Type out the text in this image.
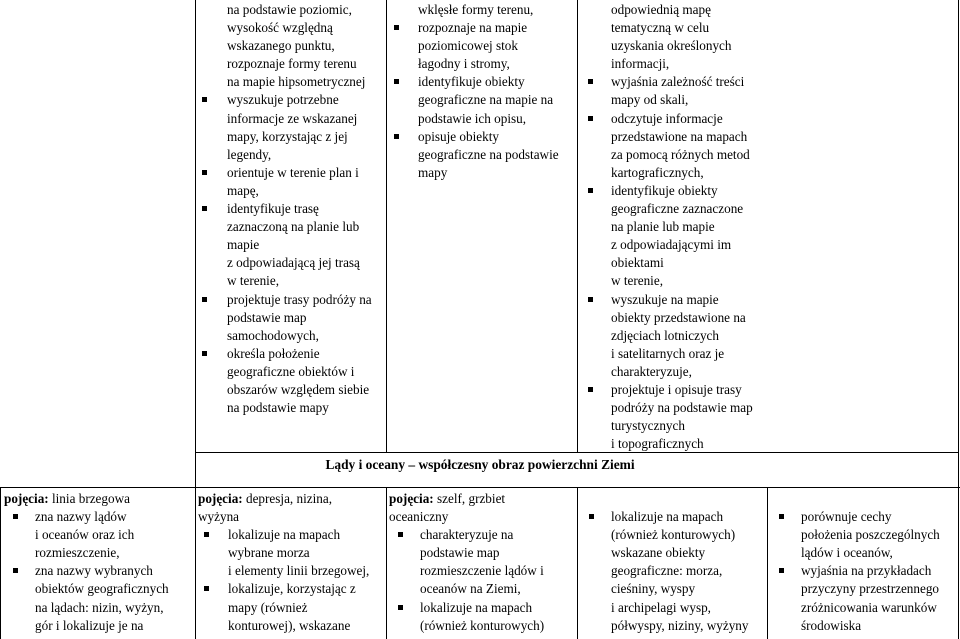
na podstawie poziomic,
wysokość względną
wskazanego punktu,
rozpoznaje formy terenu
na mapie hipsometrycznej
wyszukuje potrzebne
informacje ze wskazanej
mapy, korzystając z jej
legendy,
orientuje w terenie plan i
mapę,
identyfikuje trasę
zaznaczoną na planie lub
mapie
z odpowiadającą jej trasą
w terenie,
projektuje trasy podróży na
podstawie map
samochodowych,
określa położenie
geograficzne obiektów i
obszarów względem siebie
na podstawie mapy
wklęsłe formy terenu,
rozpoznaje na mapie
poziomicowej stok
łagodny i stromy,
identyfikuje obiekty
geograficzne na mapie na
podstawie ich opisu,
opisuje obiekty
geograficzne na podstawie
mapy
odpowiednią mapę
tematyczną w celu
uzyskania określonych
informacji,
wyjaśnia zależność treści
mapy od skali,
odczytuje informacje
przedstawione na mapach
za pomocą różnych metod
kartograficznych,
identyfikuje obiekty
geograficzne zaznaczone
na planie lub mapie
z odpowiadającymi im
obiektami
w terenie,
wyszukuje na mapie
obiekty przedstawione na
zdjęciach lotniczych
i satelitarnych oraz je
charakteryzuje,
projektuje i opisuje trasy
podróży na podstawie map
turystycznych
i topograficznych
Lądy i oceany – współczesny obraz powierzchni Ziemi
pojęcia: linia brzegowa
zna nazwy lądów
i oceanów oraz ich
rozmieszczenie,
zna nazwy wybranych
obiektów geograficznych
na lądach: nizin, wyżyn,
gór i lokalizuje je na
pojęcia: depresja, nizina,
wyżyna
lokalizuje na mapach
wybrane morza
i elementy linii brzegowej,
lokalizuje, korzystając z
mapy (również
konturowej), wskazane
pojęcia: szelf, grzbiet
oceaniczny
charakteryzuje na
podstawie map
rozmieszczenie lądów i
oceanów na Ziemi,
lokalizuje na mapach
(również konturowych)
lokalizuje na mapach
(również konturowych)
wskazane obiekty
geograficzne: morza,
cieśniny, wyspy
i archipelagi wysp,
półwyspy, niziny, wyżyny
porównuje cechy
położenia poszczególnych
lądów i oceanów,
wyjaśnia na przykładach
przyczyny przestrzennego
zróżnicowania warunków
środowiska
